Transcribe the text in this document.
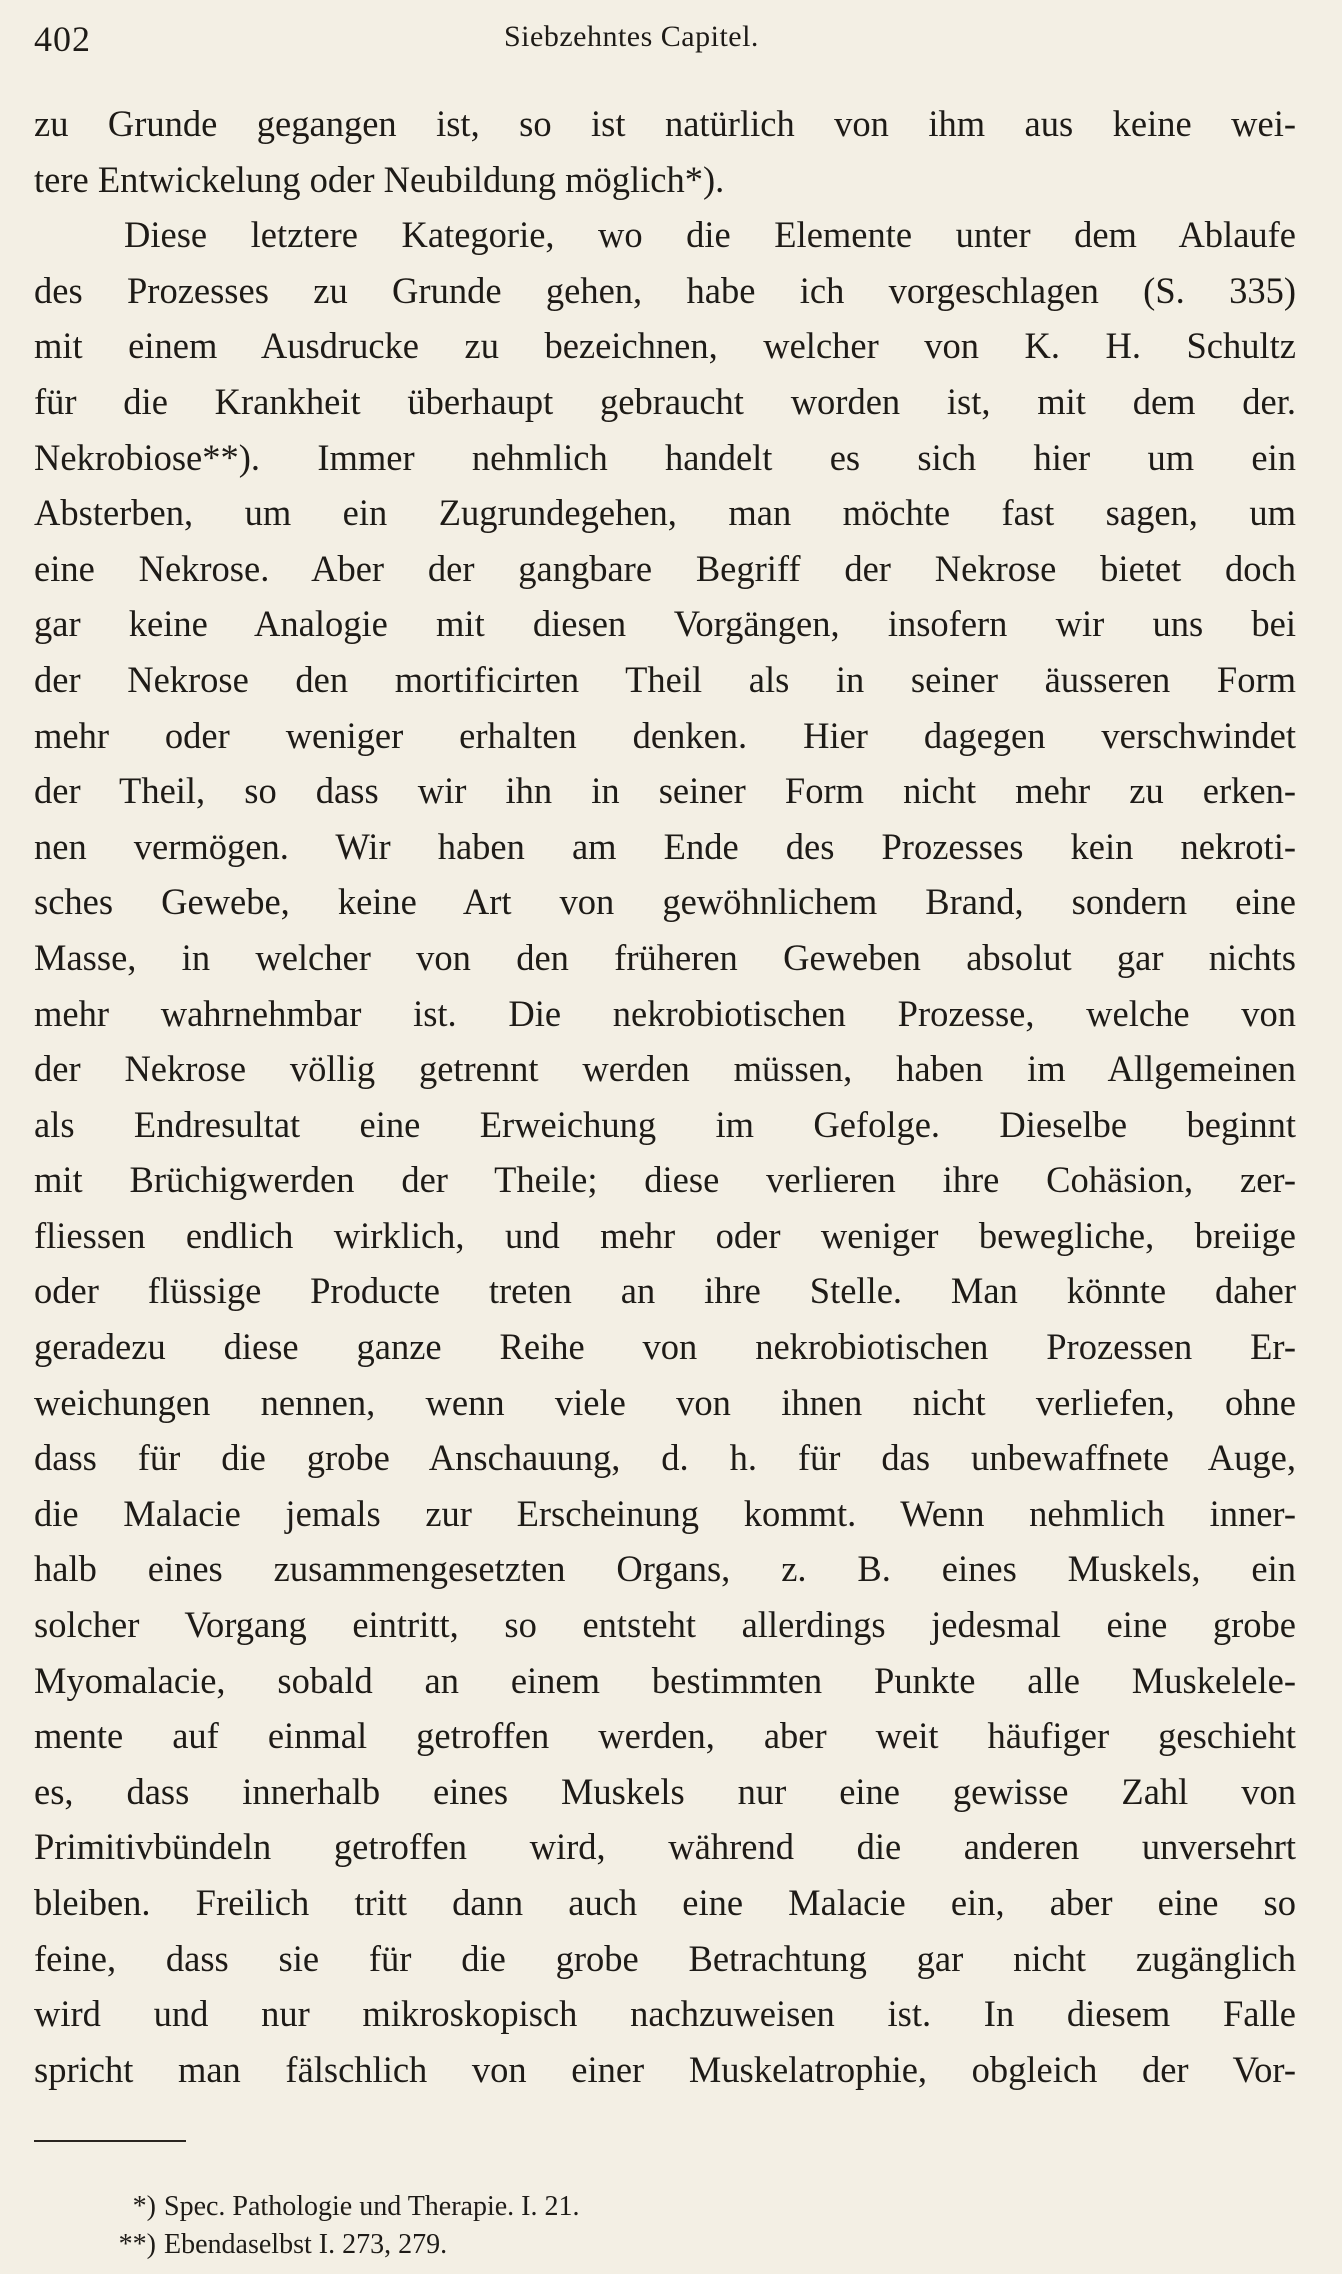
402	Siebzehntes Capitel.
zu Grunde gegangen ist, so ist natürlich von ihm aus keine wei-
tere Entwickelung oder Neubildung möglich*).
Diese letztere Kategorie, wo die Elemente unter dem Ablaufe
des Prozesses zu Grunde gehen, habe ich vorgeschlagen (S. 335)
mit einem Ausdrucke zu bezeichnen, welcher von K. H. Schultz
für die Krankheit überhaupt gebraucht worden ist, mit dem der.
Nekrobiose**). Immer nehmlich handelt es sich hier um ein
Absterben, um ein Zugrundegehen, man möchte fast sagen, um
eine Nekrose. Aber der gangbare Begriff der Nekrose bietet doch
gar keine Analogie mit diesen Vorgängen, insofern wir uns bei
der Nekrose den mortificirten Theil als in seiner äusseren Form
mehr oder weniger erhalten denken. Hier dagegen verschwindet
der Theil, so dass wir ihn in seiner Form nicht mehr zu erken-
nen vermögen. Wir haben am Ende des Prozesses kein nekroti-
sches Gewebe, keine Art von gewöhnlichem Brand, sondern eine
Masse, in welcher von den früheren Geweben absolut gar nichts
mehr wahrnehmbar ist. Die nekrobiotischen Prozesse, welche von
der Nekrose völlig getrennt werden müssen, haben im Allgemeinen
als Endresultat eine Erweichung im Gefolge. Dieselbe beginnt
mit Brüchigwerden der Theile; diese verlieren ihre Cohäsion, zer-
fliessen endlich wirklich, und mehr oder weniger bewegliche, breiige
oder flüssige Producte treten an ihre Stelle. Man könnte daher
geradezu diese ganze Reihe von nekrobiotischen Prozessen Er-
weichungen nennen, wenn viele von ihnen nicht verliefen, ohne
dass für die grobe Anschauung, d. h. für das unbewaffnete Auge,
die Malacie jemals zur Erscheinung kommt. Wenn nehmlich inner-
halb eines zusammengesetzten Organs, z. B. eines Muskels, ein
solcher Vorgang eintritt, so entsteht allerdings jedesmal eine grobe
Myomalacie, sobald an einem bestimmten Punkte alle Muskelele-
mente auf einmal getroffen werden, aber weit häufiger geschieht
es, dass innerhalb eines Muskels nur eine gewisse Zahl von
Primitivbündeln getroffen wird, während die anderen unversehrt
bleiben. Freilich tritt dann auch eine Malacie ein, aber eine so
feine, dass sie für die grobe Betrachtung gar nicht zugänglich
wird und nur mikroskopisch nachzuweisen ist. In diesem Falle
spricht man fälschlich von einer Muskelatrophie, obgleich der Vor-
*) Spec. Pathologie und Therapie. I. 21.
**) Ebendaselbst I. 273, 279.
